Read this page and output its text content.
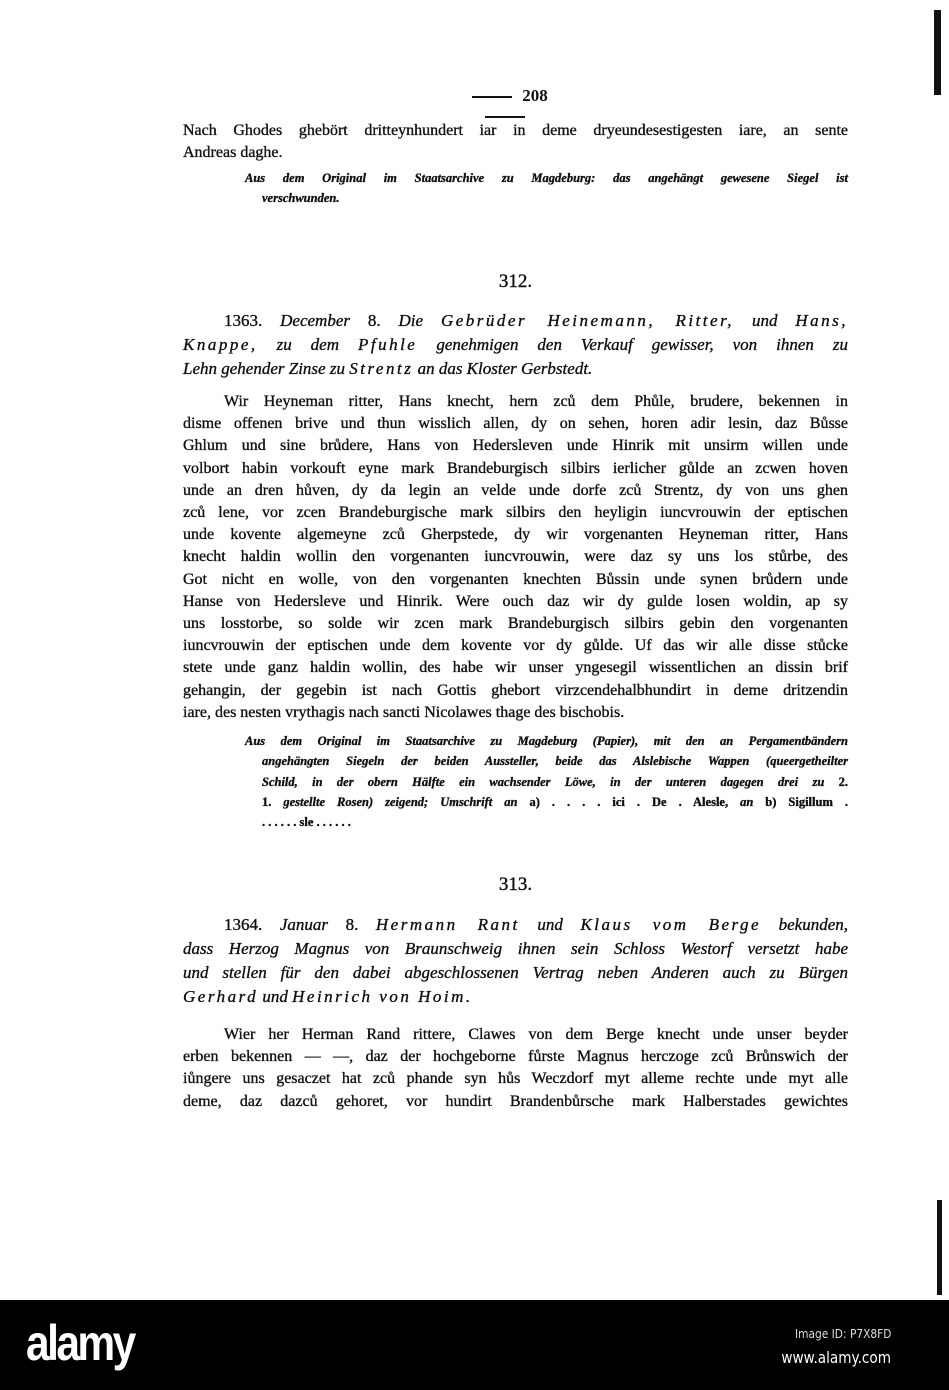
208
Nach Ghodes ghebört dritteynhundert iar in deme dryeundesestigesten iare, an sente
Andreas daghe.
Aus dem Original im Staatsarchive zu Magdeburg: das angehängt gewesene Siegel ist
verschwunden.
312.
1363. December 8. Die Gebrüder Heinemann, Ritter, und Hans,
Knappe, zu dem Pfuhle genehmigen den Verkauf gewisser, von ihnen zu
Lehn gehender Zinse zu Strentz an das Kloster Gerbstedt.
Wir Heyneman ritter, Hans knecht, hern zců dem Phůle, brudere, bekennen in
disme offenen brive und thun wisslich allen, dy on sehen, horen adir lesin, daz Bůsse
Ghlum und sine brůdere, Hans von Hedersleven unde Hinrik mit unsirm willen unde
volbort habin vorkouft eyne mark Brandeburgisch silbirs ierlicher gůlde an zcwen hoven
unde an dren hůven, dy da legin an velde unde dorfe zců Strentz, dy von uns ghen
zců lene, vor zcen Brandeburgische mark silbirs den heyligin iuncvrouwin der eptischen
unde kovente algemeyne zců Gherpstede, dy wir vorgenanten Heyneman ritter, Hans
knecht haldin wollin den vorgenanten iuncvrouwin, were daz sy uns los stůrbe, des
Got nicht en wolle, von den vorgenanten knechten Bůssin unde synen brůdern unde
Hanse von Hedersleve und Hinrik. Were ouch daz wir dy gulde losen woldin, ap sy
uns losstorbe, so solde wir zcen mark Brandeburgisch silbirs gebin den vorgenanten
iuncvrouwin der eptischen unde dem kovente vor dy gůlde. Uf das wir alle disse stůcke
stete unde ganz haldin wollin, des habe wir unser yngesegil wissentlichen an dissin brif
gehangin, der gegebin ist nach Gottis ghebort virzcendehalbhundirt in deme dritzendin
iare, des nesten vrythagis nach sancti Nicolawes thage des bischobis.
Aus dem Original im Staatsarchive zu Magdeburg (Papier), mit den an Pergamentbändern
angehängten Siegeln der beiden Aussteller, beide das Alslebische Wappen (queergetheilter
Schild, in der obern Hälfte ein wachsender Löwe, in der unteren dagegen drei zu 2.
1. gestellte Rosen) zeigend; Umschrift an a) . . . . ici . De . Alesle, an b) Sigillum .
. . . . . . sle . . . . . .
313.
1364. Januar 8. Hermann Rant und Klaus vom Berge bekunden,
dass Herzog Magnus von Braunschweig ihnen sein Schloss Westorf versetzt habe
und stellen für den dabei abgeschlossenen Vertrag neben Anderen auch zu Bürgen
Gerhard und Heinrich von Hoim.
Wier her Herman Rand rittere, Clawes von dem Berge knecht unde unser beyder
erben bekennen — —, daz der hochgeborne fůrste Magnus herczoge zců Brůnswich der
iůngere uns gesaczet hat zců phande syn hůs Weczdorf myt alleme rechte unde myt alle
deme, daz dazců gehoret, vor hundirt Brandenbůrsche mark Halberstades gewichtes
alamy	Image ID: P7X8FD
www.alamy.com
